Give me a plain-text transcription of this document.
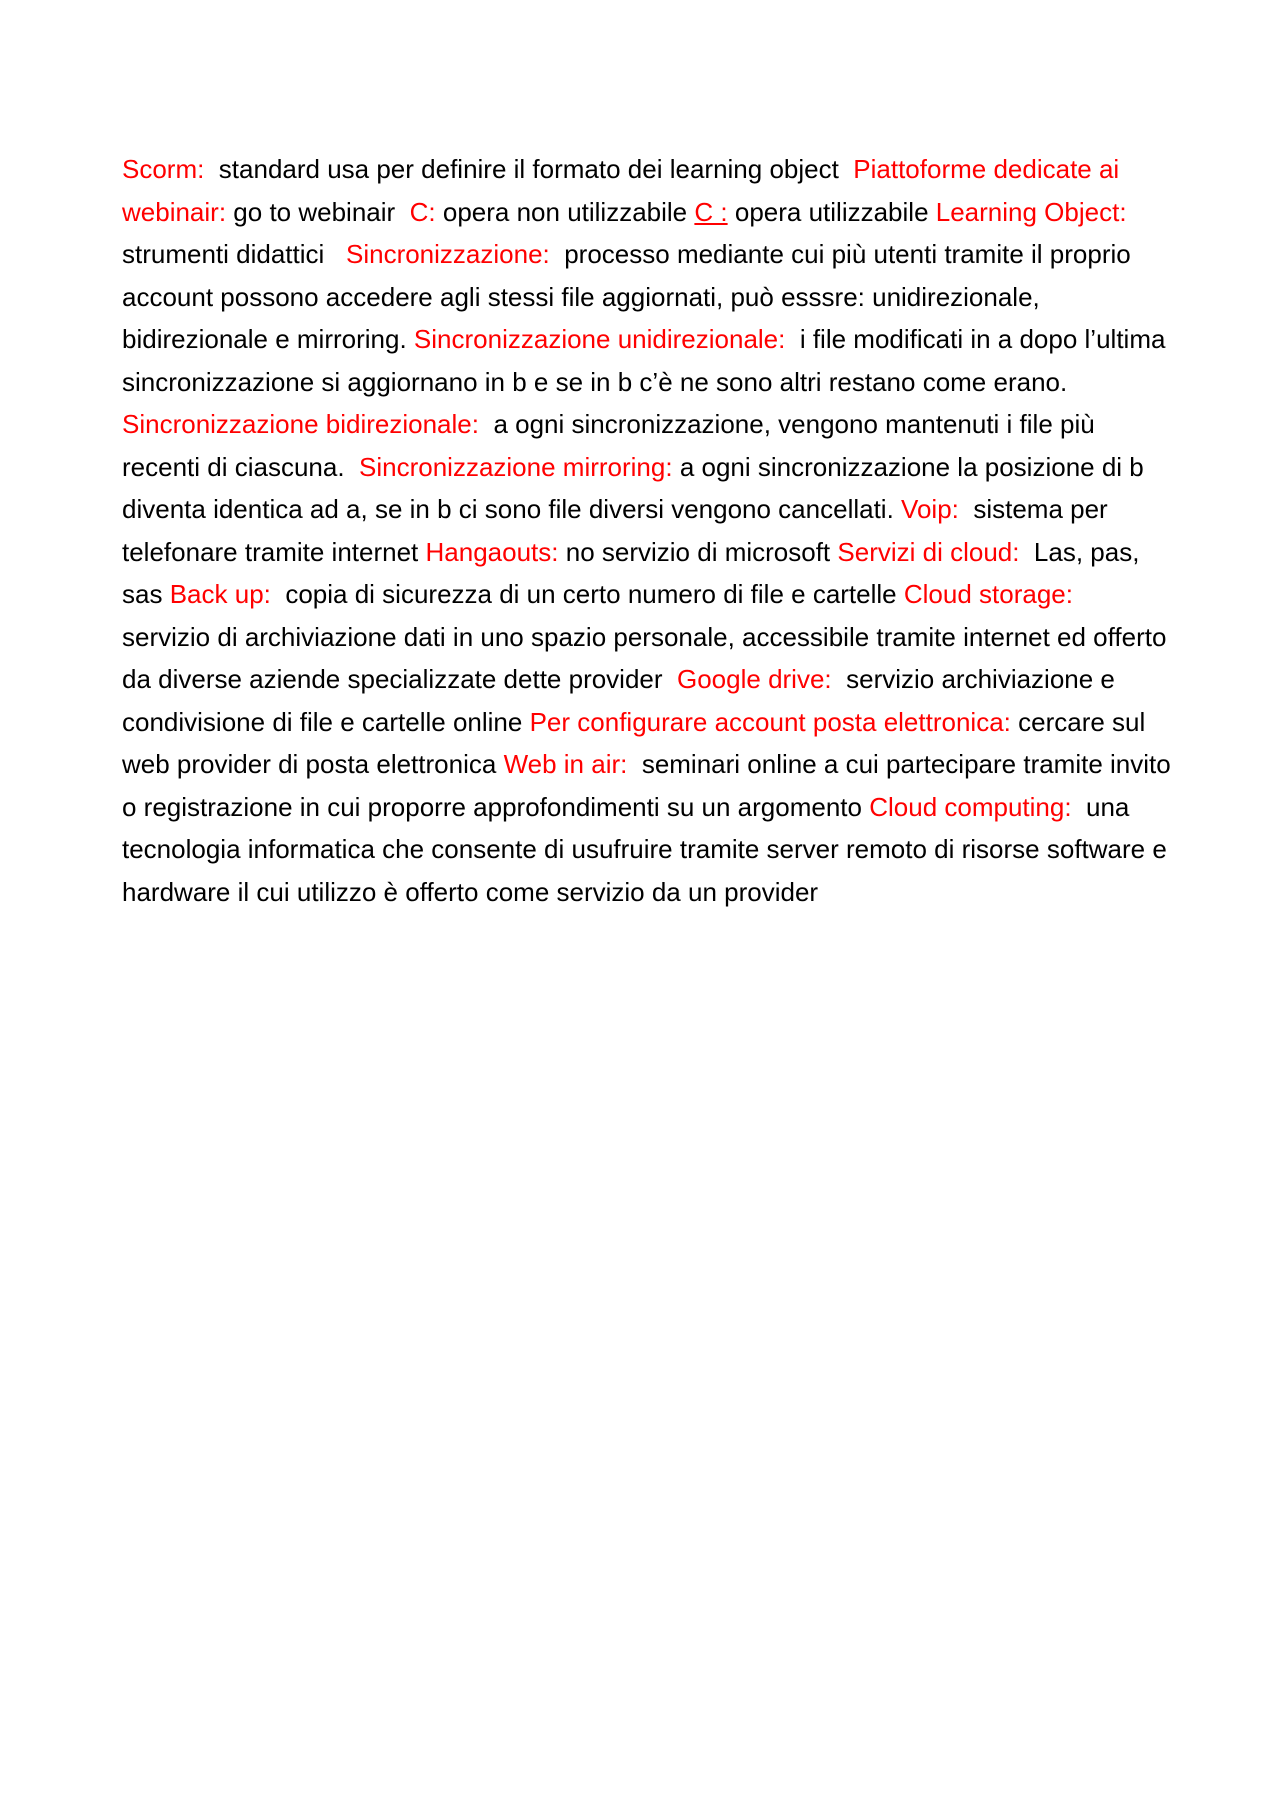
Scorm: standard usa per definire il formato dei learning object Piattoforme dedicate ai webinair: go to webinair C: opera non utilizzabile C : opera utilizzabile Learning Object:    strumenti didattici Sincronizzazione: processo mediante cui più utenti tramite il proprio account possono accedere agli stessi file aggiornati, può esssre: unidirezionale, bidirezionale e mirroring. Sincronizzazione unidirezionale: i file modificati in a dopo l’ultima sincronizzazione si aggiornano in b e se in b c’è ne sono altri restano come erano. Sincronizzazione bidirezionale: a ogni sincronizzazione, vengono mantenuti i file più recenti di ciascuna. Sincronizzazione mirroring: a ogni sincronizzazione la posizione di b diventa identica ad a, se in b ci sono file diversi vengono cancellati. Voip: sistema per telefonare tramite internet Hangaouts: no servizio di microsoft Servizi di cloud: Las, pas, sas Back up: copia di sicurezza di un certo numero di file e cartelle Cloud storage:  servizio di archiviazione dati in uno spazio personale, accessibile tramite internet ed offerto da diverse aziende specializzate dette provider Google drive: servizio archiviazione e condivisione di file e cartelle online Per configurare account posta elettronica: cercare sul web provider di posta elettronica Web in air: seminari online a cui partecipare tramite invito o registrazione in cui proporre approfondimenti su un argomento Cloud computing: una tecnologia informatica che consente di usufruire tramite server remoto di risorse software e hardware il cui utilizzo è offerto come servizio da un provider
